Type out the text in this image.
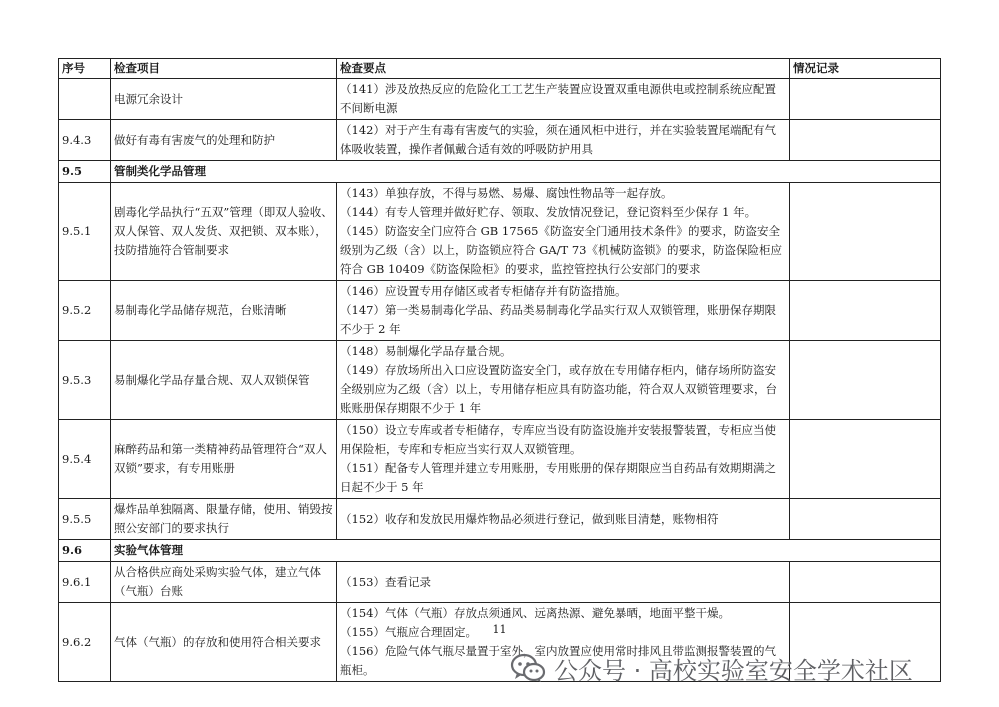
序号	检查项目	检查要点	情况记录
	电源冗余设计	（141）涉及放热反应的危险化工工艺生产装置应设置双重电源供电或控制系统应配置不间断电源	

9.4.3	做好有毒有害废气的处理和防护	（142）对于产生有毒有害废气的实验，须在通风柜中进行，并在实验装置尾端配有气体吸收装置，操作者佩戴合适有效的呼吸防护用具	

9.5	管制类化学品管理		
9.5.1	剧毒化学品执行“五双”管理（即双人验收、双人保管、双人发货、双把锁、双本账），技防措施符合管制要求	（143）单独存放，不得与易燃、易爆、腐蚀性物品等一起存放。
（144）有专人管理并做好贮存、领取、发放情况登记，登记资料至少保存 1 年。
（145）防盗安全门应符合 GB 17565《防盗安全门通用技术条件》的要求，防盗安全级别为乙级（含）以上，防盗锁应符合 GA/T 73《机械防盗锁》的要求，防盗保险柜应符合 GB 10409《防盗保险柜》的要求，监控管控执行公安部门的要求	

9.5.2	易制毒化学品储存规范，台账清晰	（146）应设置专用存储区或者专柜储存并有防盗措施。
（147）第一类易制毒化学品、药品类易制毒化学品实行双人双锁管理，账册保存期限不少于 2 年	

9.5.3	易制爆化学品存量合规、双人双锁保管	（148）易制爆化学品存量合规。
（149）存放场所出入口应设置防盗安全门，或存放在专用储存柜内，储存场所防盗安全级别应为乙级（含）以上，专用储存柜应具有防盗功能，符合双人双锁管理要求，台账账册保存期限不少于 1 年	

9.5.4	麻醉药品和第一类精神药品管理符合“双人双锁”要求，有专用账册	（150）设立专库或者专柜储存，专库应当设有防盗设施并安装报警装置，专柜应当使用保险柜，专库和专柜应当实行双人双锁管理。
（151）配备专人管理并建立专用账册，专用账册的保存期限应当自药品有效期期满之日起不少于 5 年	

9.5.5	爆炸品单独隔离、限量存储，使用、销毁按照公安部门的要求执行	（152）收存和发放民用爆炸物品必须进行登记，做到账目清楚，账物相符	

9.6	实验气体管理		
9.6.1	从合格供应商处采购实验气体，建立气体（气瓶）台账	（153）查看记录	

9.6.2	气体（气瓶）的存放和使用符合相关要求	（154）气体（气瓶）存放点须通风、远离热源、避免暴晒，地面平整干燥。
（155）气瓶应合理固定。
（156）危险气体气瓶尽量置于室外，室内放置应使用常时排风且带监测报警装置的气瓶柜。	

11
公众号 · 高校实验室安全学术社区
